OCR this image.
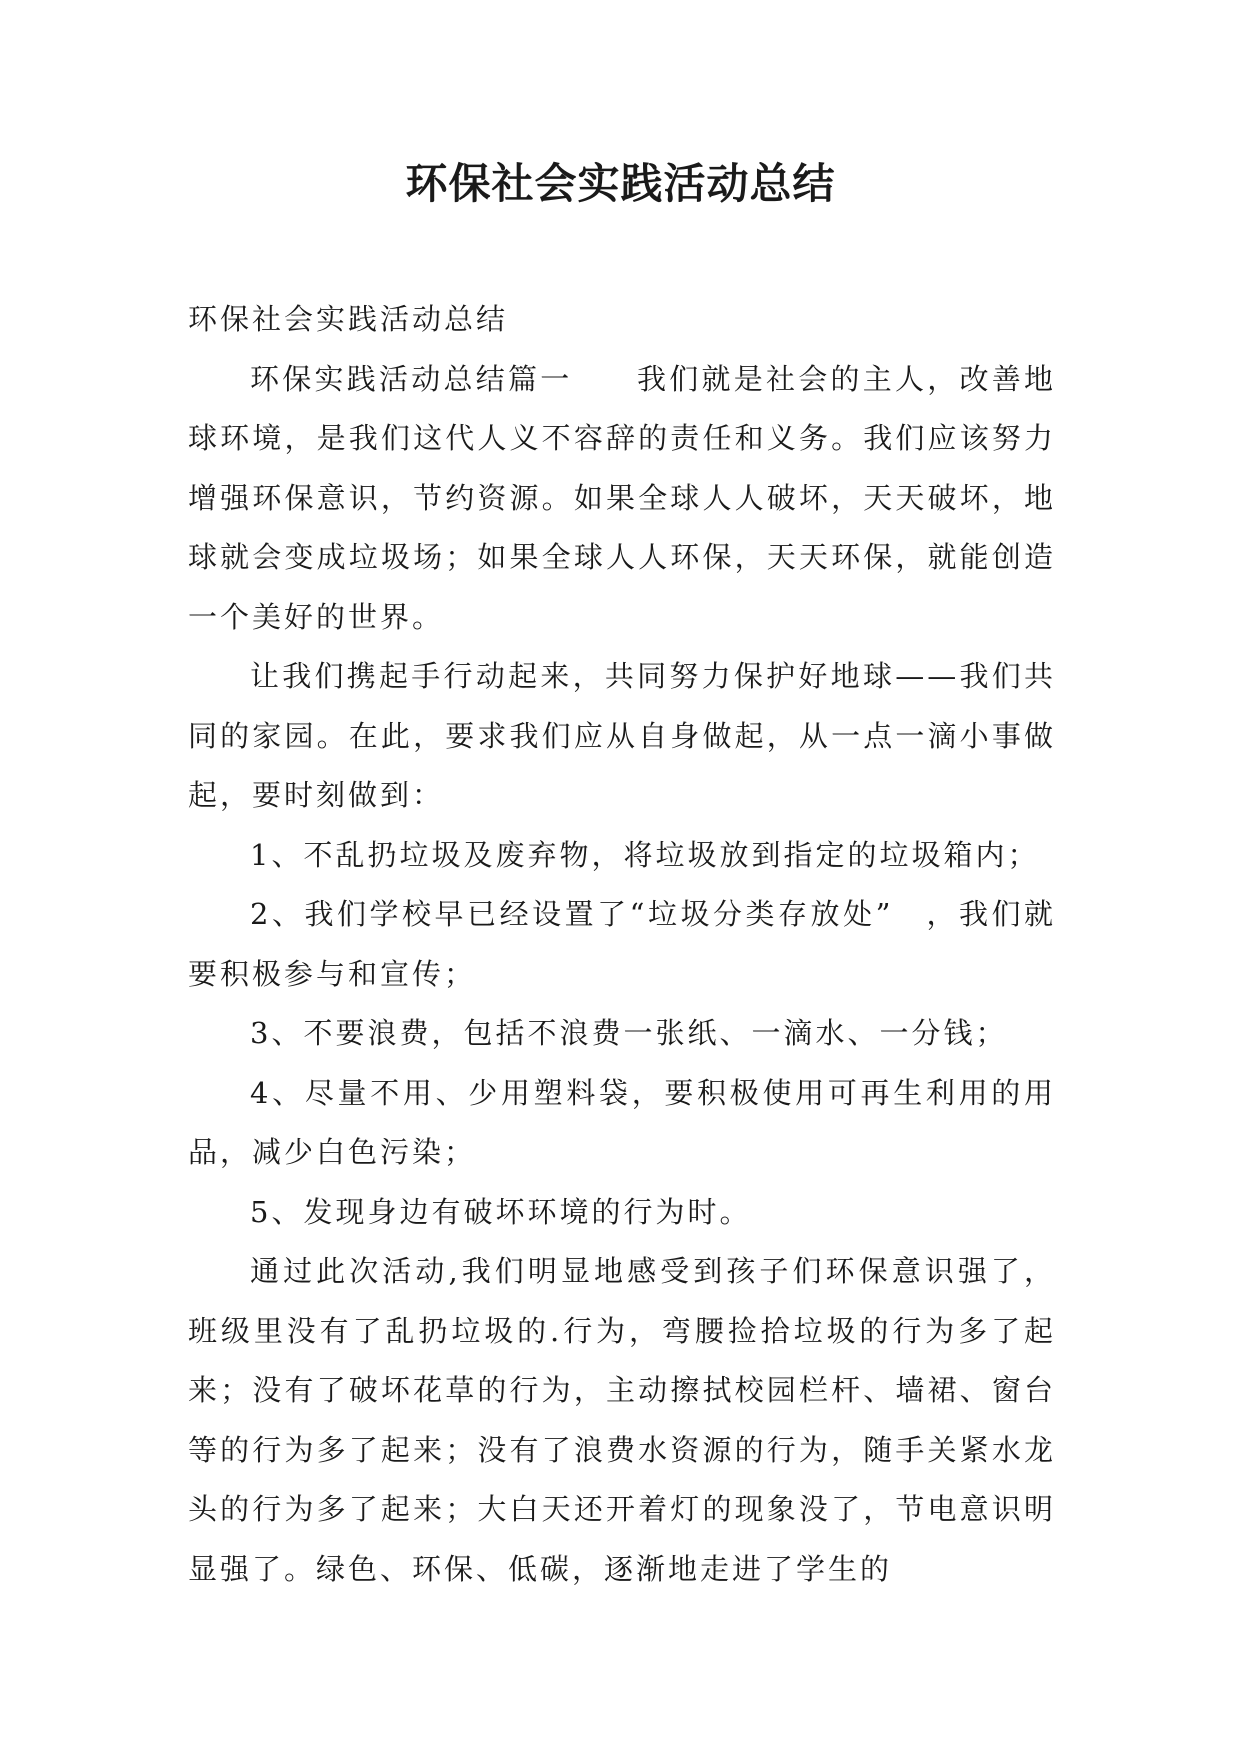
环保社会实践活动总结

环保社会实践活动总结

环保实践活动总结篇一　　我们就是社会的主人，改善地球环境，是我们这代人义不容辞的责任和义务。我们应该努力增强环保意识，节约资源。如果全球人人破坏，天天破坏，地球就会变成垃圾场；如果全球人人环保，天天环保，就能创造一个美好的世界。

让我们携起手行动起来，共同努力保护好地球——我们共同的家园。在此，要求我们应从自身做起，从一点一滴小事做起，要时刻做到：

1、不乱扔垃圾及废弃物，将垃圾放到指定的垃圾箱内；

2、我们学校早已经设置了“垃圾分类存放处”　，我们就要积极参与和宣传；

3、不要浪费，包括不浪费一张纸、一滴水、一分钱；

4、尽量不用、少用塑料袋，要积极使用可再生利用的用品，减少白色污染；

5、发现身边有破坏环境的行为时。

通过此次活动,我们明显地感受到孩子们环保意识强了，班级里没有了乱扔垃圾的.行为，弯腰捡拾垃圾的行为多了起来；没有了破坏花草的行为，主动擦拭校园栏杆、墙裙、窗台等的行为多了起来；没有了浪费水资源的行为，随手关紧水龙头的行为多了起来；大白天还开着灯的现象没了，节电意识明显强了。绿色、环保、低碳，逐渐地走进了学生的
